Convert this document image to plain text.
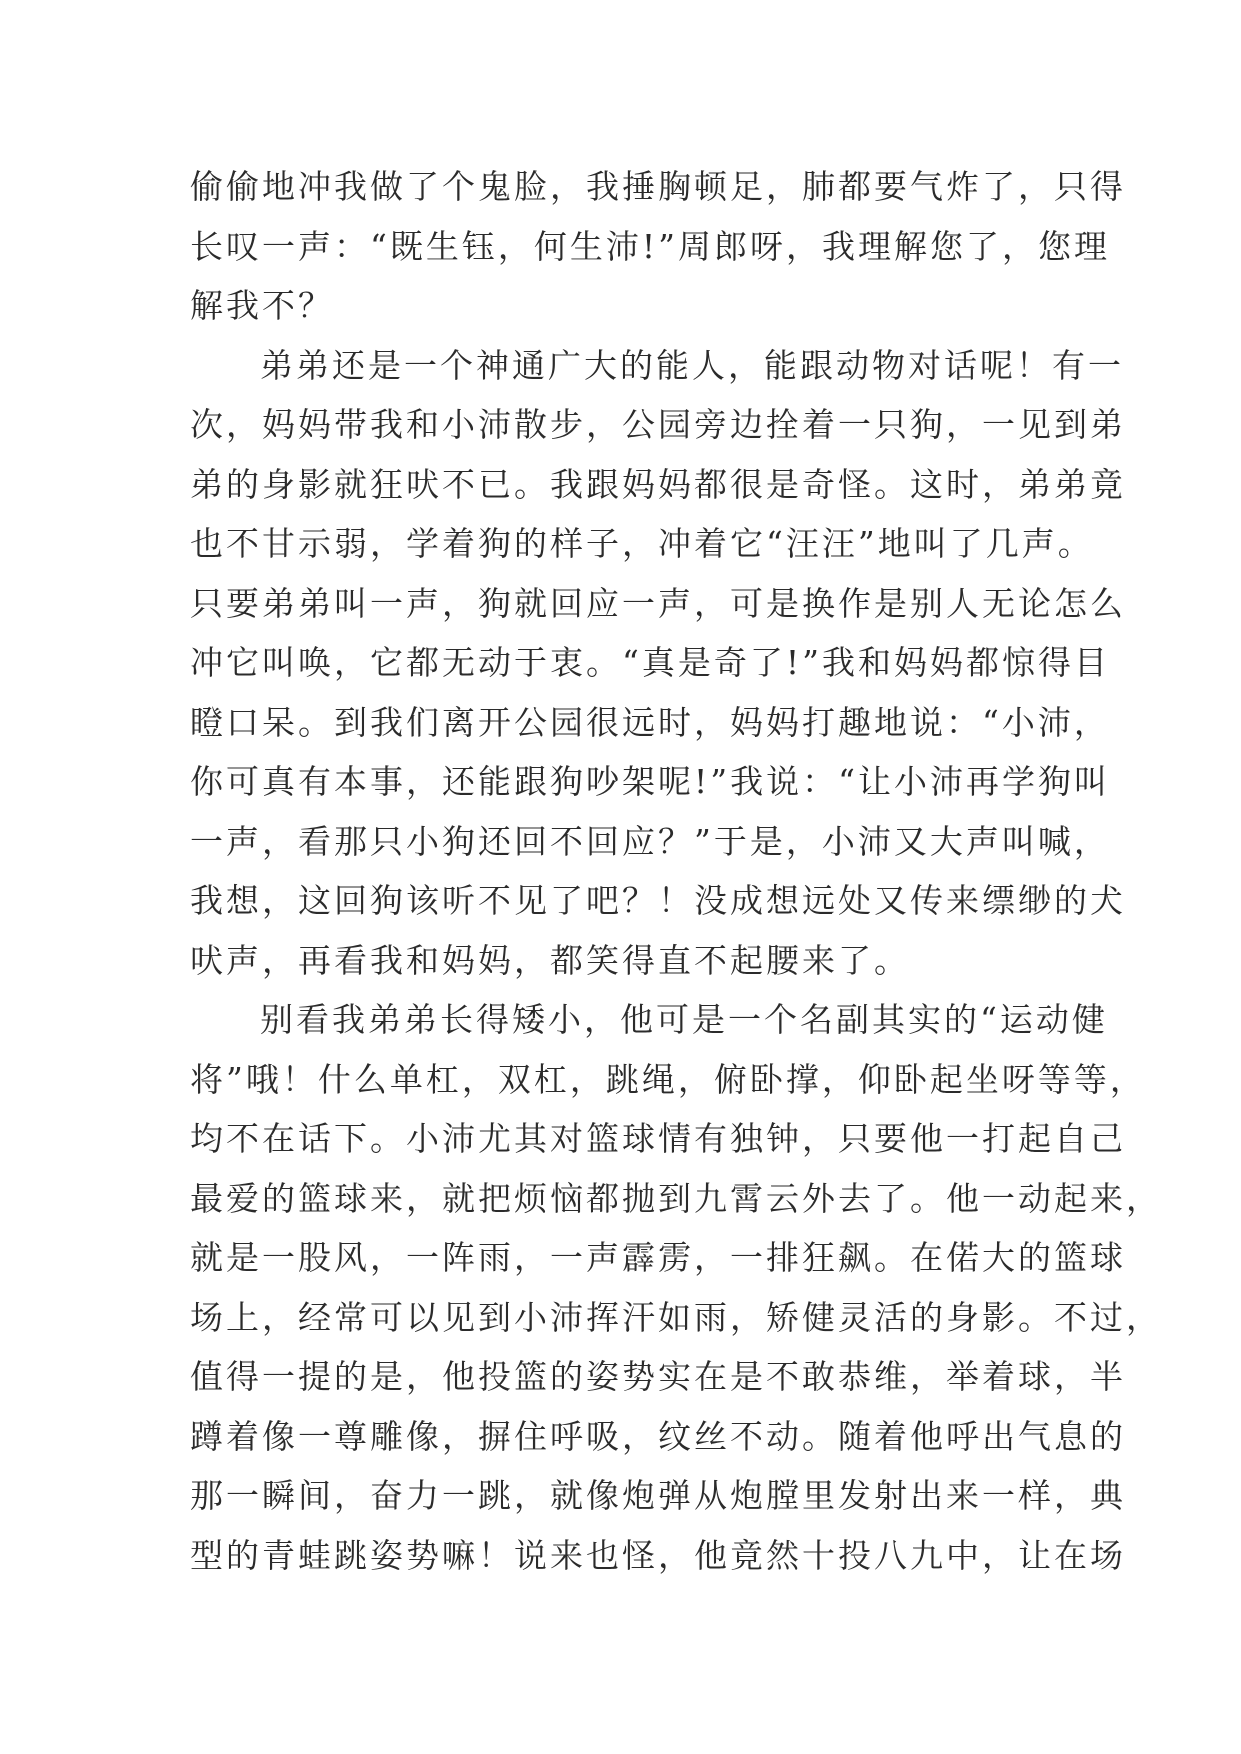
偷偷地冲我做了个鬼脸，我捶胸顿足，肺都要气炸了，只得
长叹一声：“既生钰，何生沛!”周郎呀，我理解您了，您理
解我不？
弟弟还是一个神通广大的能人，能跟动物对话呢！有一
次，妈妈带我和小沛散步，公园旁边拴着一只狗，一见到弟
弟的身影就狂吠不已。我跟妈妈都很是奇怪。这时，弟弟竟
也不甘示弱，学着狗的样子，冲着它“汪汪”地叫了几声。
只要弟弟叫一声，狗就回应一声，可是换作是别人无论怎么
冲它叫唤，它都无动于衷。“真是奇了!”我和妈妈都惊得目
瞪口呆。到我们离开公园很远时，妈妈打趣地说：“小沛，
你可真有本事，还能跟狗吵架呢!”我说：“让小沛再学狗叫
一声，看那只小狗还回不回应？”于是，小沛又大声叫喊，
我想，这回狗该听不见了吧？！没成想远处又传来缥缈的犬
吠声，再看我和妈妈，都笑得直不起腰来了。
别看我弟弟长得矮小，他可是一个名副其实的“运动健
将”哦！什么单杠，双杠，跳绳，俯卧撑，仰卧起坐呀等等，
均不在话下。小沛尤其对篮球情有独钟，只要他一打起自己
最爱的篮球来，就把烦恼都抛到九霄云外去了。他一动起来，
就是一股风，一阵雨，一声霹雳，一排狂飙。在偌大的篮球
场上，经常可以见到小沛挥汗如雨，矫健灵活的身影。不过，
值得一提的是，他投篮的姿势实在是不敢恭维，举着球，半
蹲着像一尊雕像，摒住呼吸，纹丝不动。随着他呼出气息的
那一瞬间，奋力一跳，就像炮弹从炮膛里发射出来一样，典
型的青蛙跳姿势嘛！说来也怪，他竟然十投八九中，让在场
